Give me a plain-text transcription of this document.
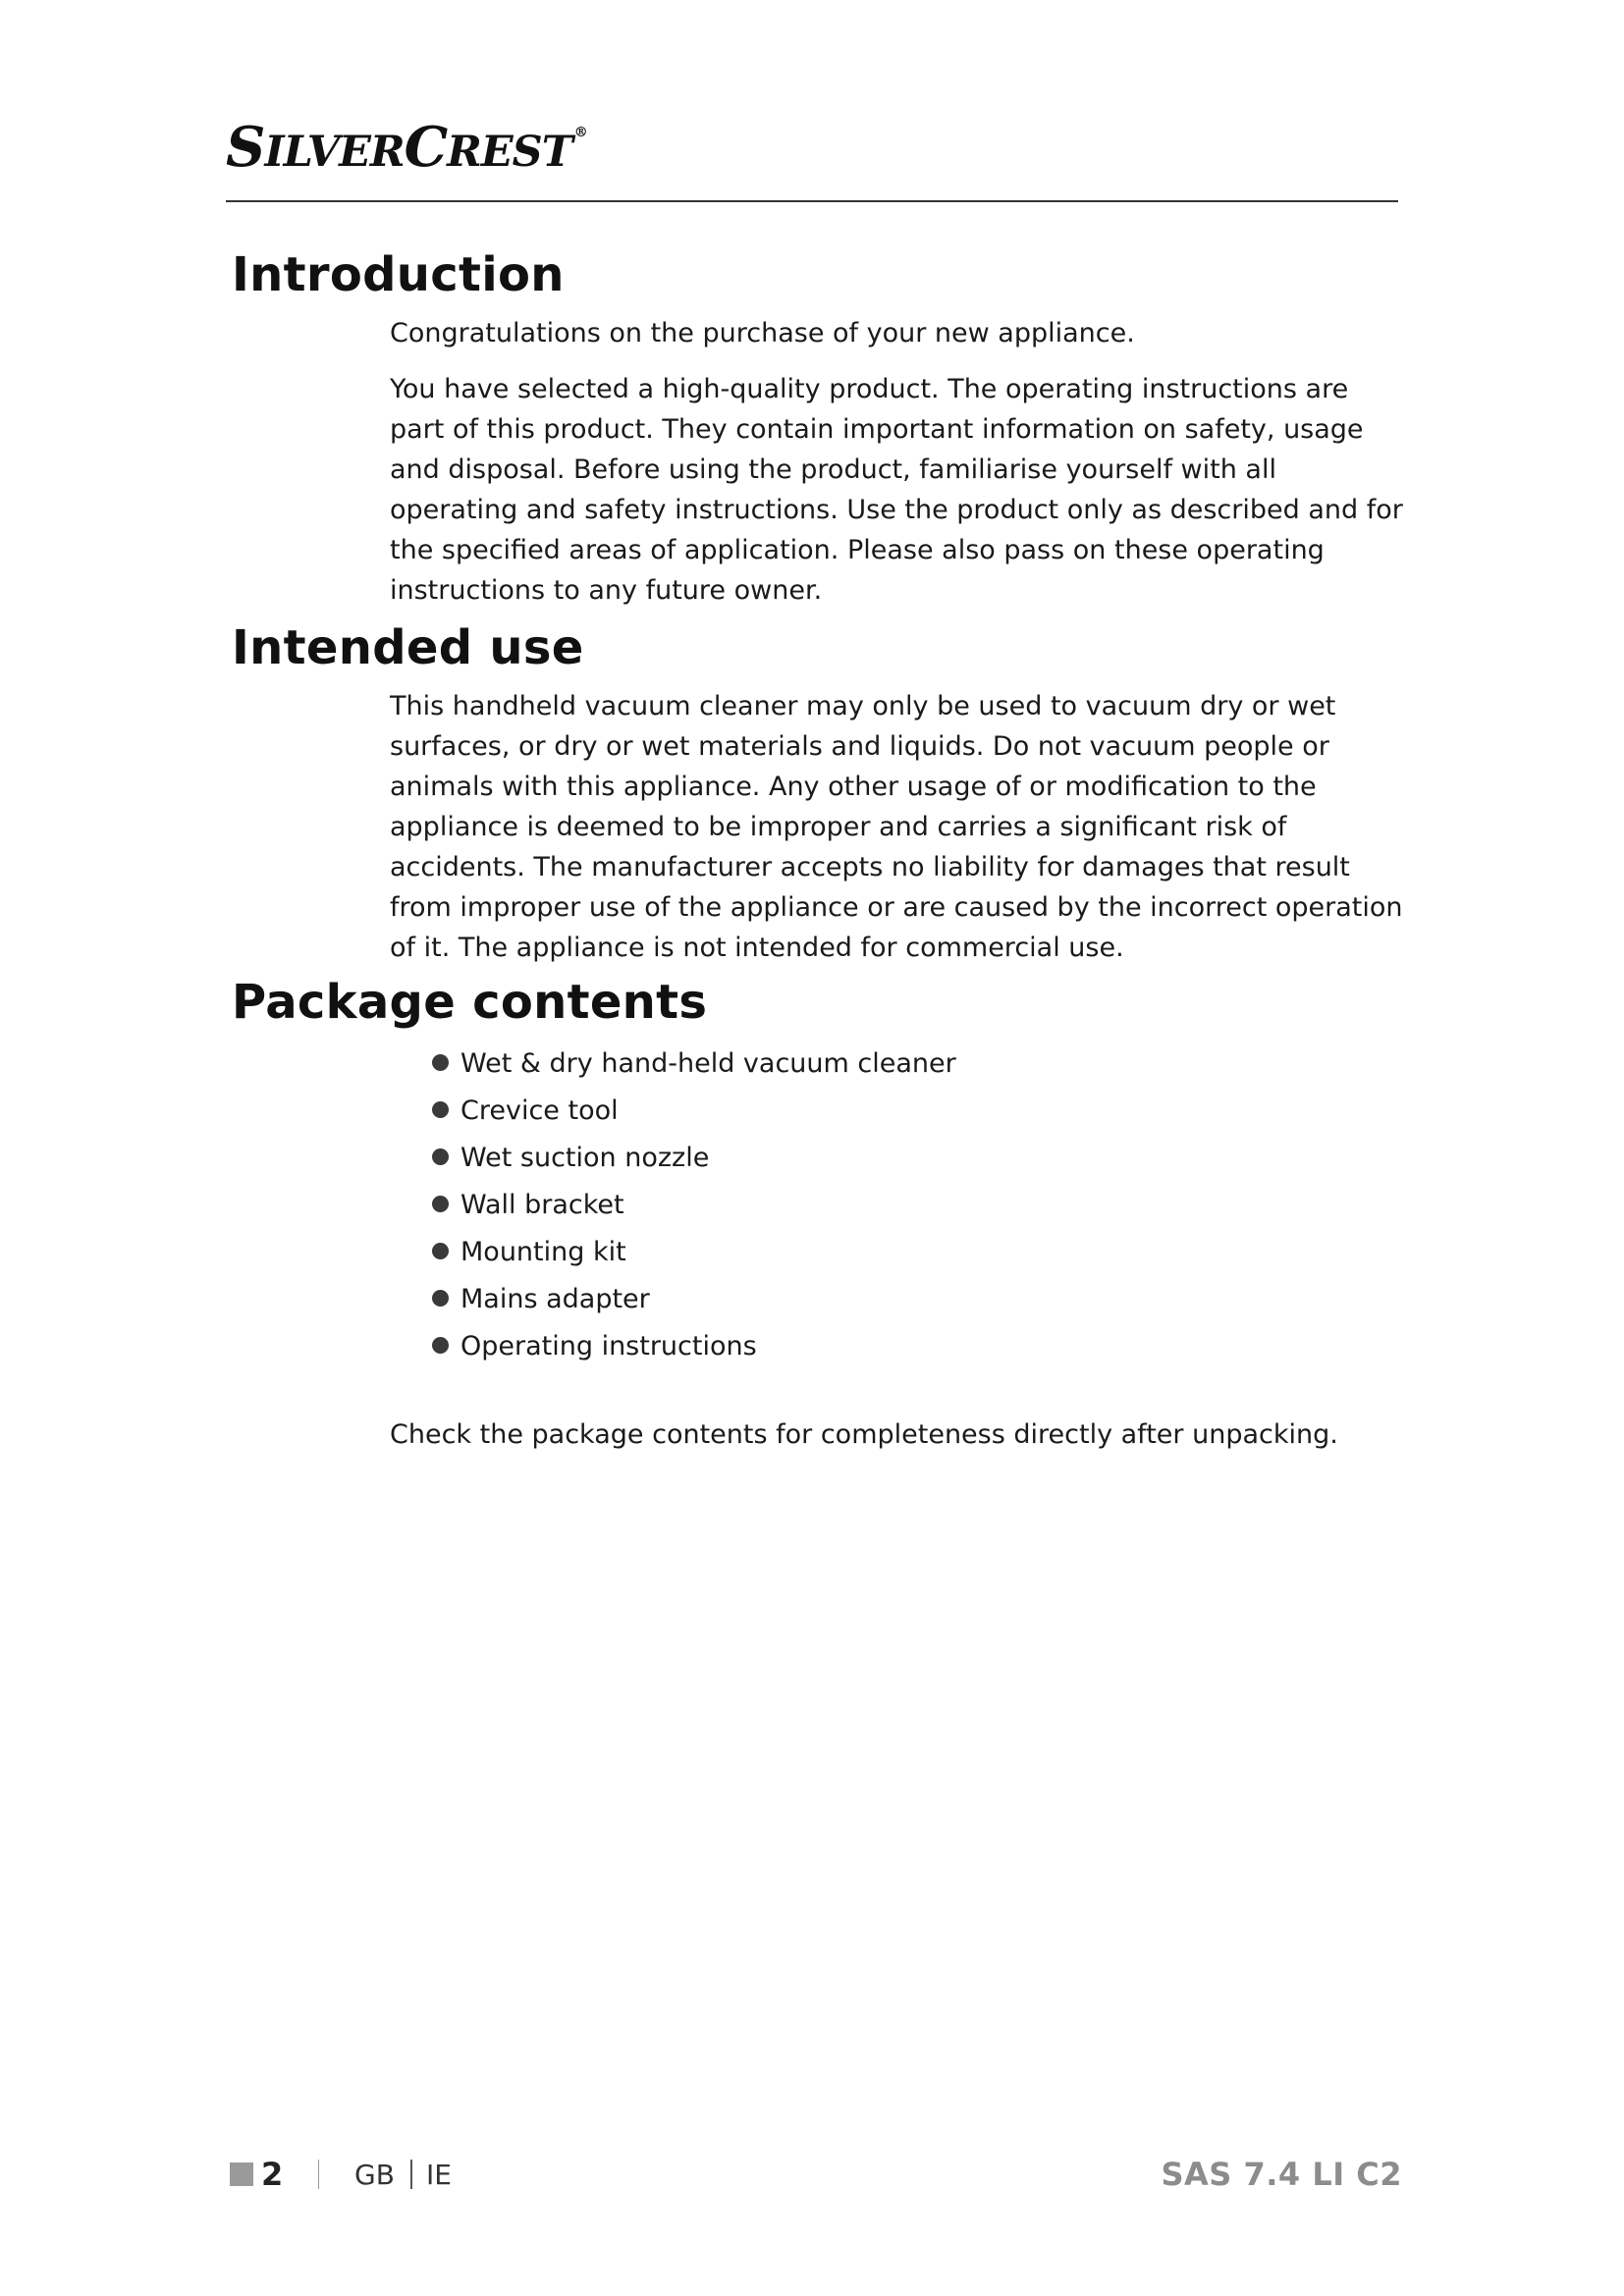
SILVERCREST ®
Introduction

Congratulations on the purchase of your new appliance.

You have selected a high-quality product. The operating instructions are part of this product. They contain important information on safety, usage and disposal. Before using the product, familiarise yourself with all operating and safety instructions. Use the product only as described and for the specified areas of application. Please also pass on these operating instructions to any future owner.

Intended use

This handheld vacuum cleaner may only be used to vacuum dry or wet surfaces, or dry or wet materials and liquids. Do not vacuum people or animals with this appliance. Any other usage of or modification to the appliance is deemed to be improper and carries a significant risk of accidents. The manufacturer accepts no liability for damages that result from improper use of the appliance or are caused by the incorrect operation of it. The appliance is not intended for commercial use.

Package contents
Wet & dry hand-held vacuum cleaner
Crevice tool
Wet suction nozzle
Wall bracket
Mounting kit
Mains adapter
Operating instructions

Check the package contents for completeness directly after unpacking.

2	GB IE	SAS 7.4 LI C2
